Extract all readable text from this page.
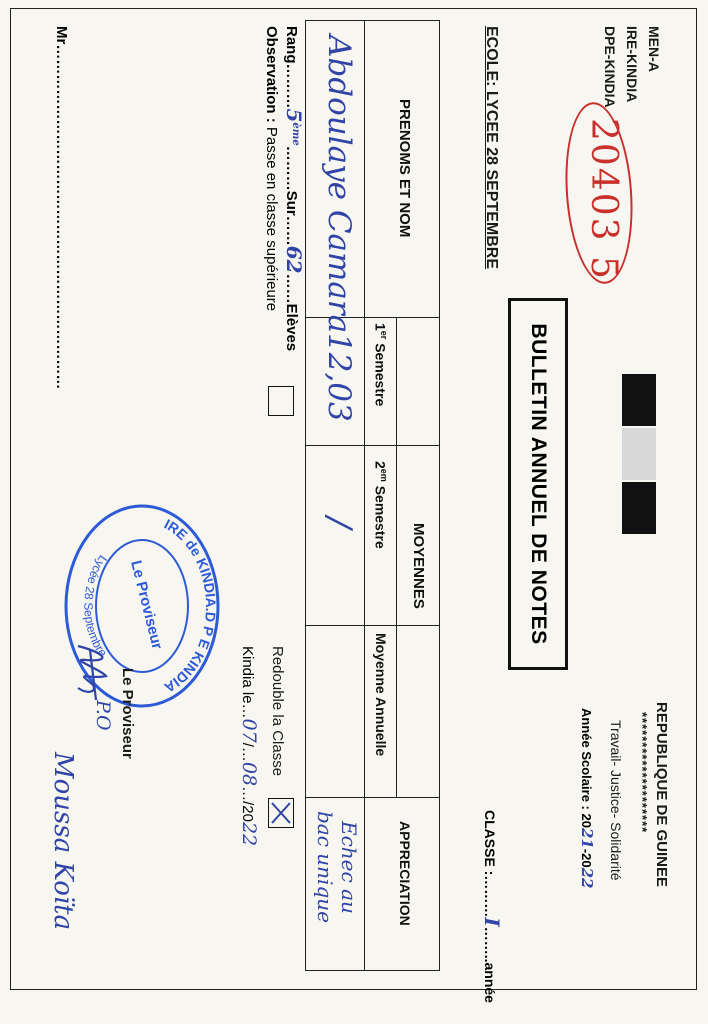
MEN-A
IRE-KINDIA
DPE-KINDIA
20403 5
REPUBLIQUE DE GUINEE
********************
Travail- Justice- Solidarité
Année Scolaire : 2021-2022
BULLETIN ANNUEL DE NOTES
ECOLE: LYCEE 28 SEPTEMBRE
CLASSE :………I……..année
PRENOMS ET NOM
MOYENNES
1er Semestre
$2^{em}$ Semestre
Moyenne Annuelle
APPRECIATION
Abdoulaye Camara
12,03
/
Echec au
bac unique
Rang………5ème………Sur……62……Elèves
Observation : Passe en classe supérieure
Redouble la Classe
Kindia le…07/…08…/2022
IRE de KINDIA.D P E KINDIA
Lycée 28 Septembre
Le Proviseur
Le Proviseur
P.O
Mr……………………………………………………………
Moussa Koïta
